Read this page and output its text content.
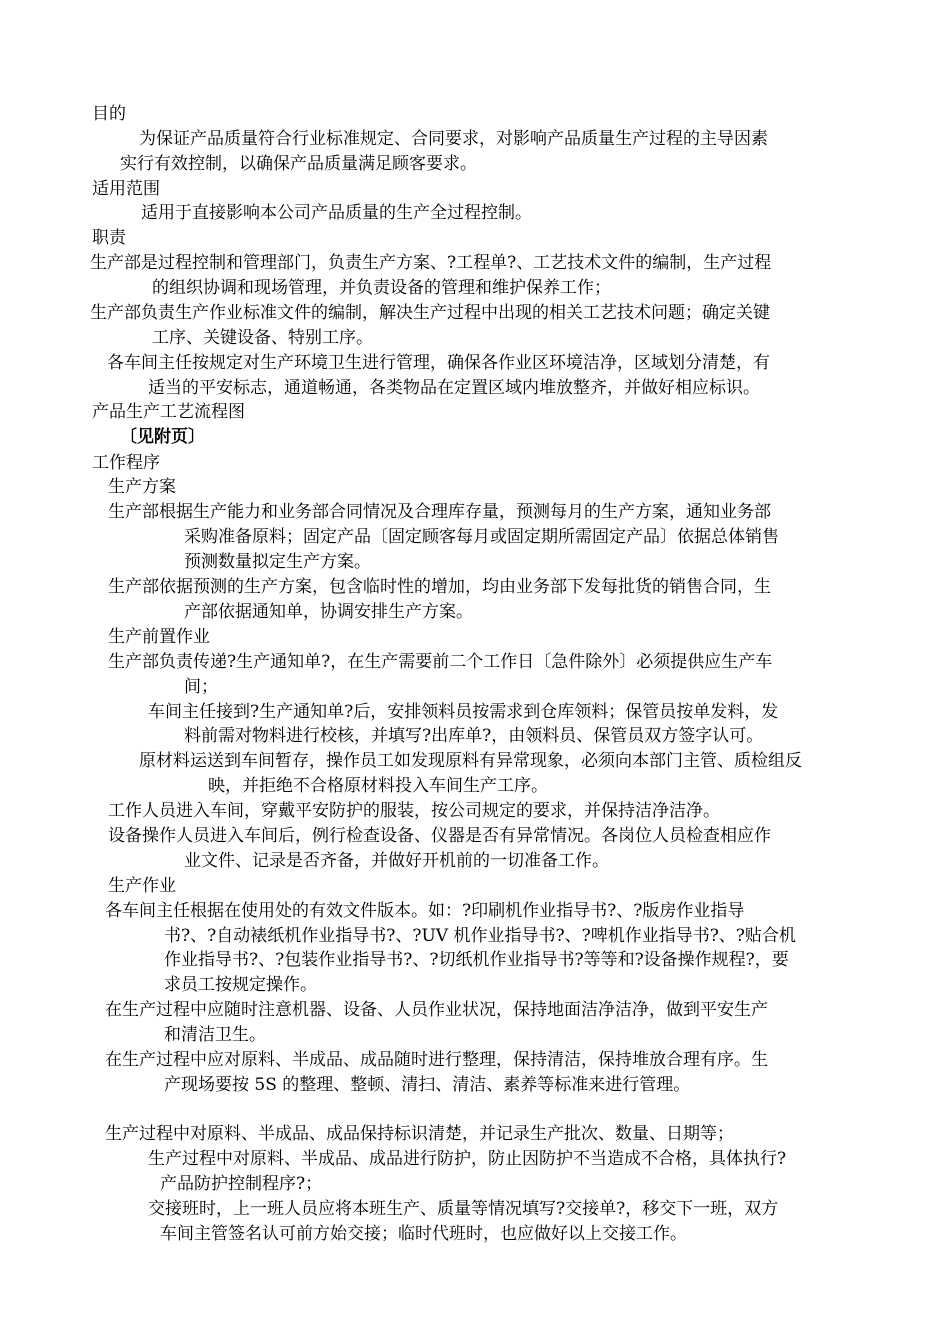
目的
为保证产品质量符合行业标准规定、合同要求，对影响产品质量生产过程的主导因素
实行有效控制，以确保产品质量满足顾客要求。
适用范围
适用于直接影响本公司产品质量的生产全过程控制。
职责
生产部是过程控制和管理部门，负责生产方案、?工程单?、工艺技术文件的编制，生产过程
的组织协调和现场管理，并负责设备的管理和维护保养工作；
生产部负责生产作业标准文件的编制，解决生产过程中出现的相关工艺技术问题；确定关键
工序、关键设备、特别工序。
各车间主任按规定对生产环境卫生进行管理，确保各作业区环境洁净，区域划分清楚，有
适当的平安标志，通道畅通，各类物品在定置区域内堆放整齐，并做好相应标识。
产品生产工艺流程图
〔见附页〕
工作程序
生产方案
生产部根据生产能力和业务部合同情况及合理库存量，预测每月的生产方案，通知业务部
采购准备原料；固定产品〔固定顾客每月或固定期所需固定产品〕依据总体销售
预测数量拟定生产方案。
生产部依据预测的生产方案，包含临时性的增加，均由业务部下发每批货的销售合同，生
产部依据通知单，协调安排生产方案。
生产前置作业
生产部负责传递?生产通知单?，在生产需要前二个工作日〔急件除外〕必须提供应生产车
间；
车间主任接到?生产通知单?后，安排领料员按需求到仓库领料；保管员按单发料，发
料前需对物料进行校核，并填写?出库单?，由领料员、保管员双方签字认可。
原材料运送到车间暂存，操作员工如发现原料有异常现象，必须向本部门主管、质检组反
映，并拒绝不合格原材料投入车间生产工序。
工作人员进入车间，穿戴平安防护的服装，按公司规定的要求，并保持洁净洁净。
设备操作人员进入车间后，例行检查设备、仪器是否有异常情况。各岗位人员检查相应作
业文件、记录是否齐备，并做好开机前的一切准备工作。
生产作业
各车间主任根据在使用处的有效文件版本。如：?印刷机作业指导书?、?版房作业指导
书?、?自动裱纸机作业指导书?、?UV 机作业指导书?、?啤机作业指导书?、?贴合机
作业指导书?、?包装作业指导书?、?切纸机作业指导书?等等和?设备操作规程?，要
求员工按规定操作。
在生产过程中应随时注意机器、设备、人员作业状况，保持地面洁净洁净，做到平安生产
和清洁卫生。
在生产过程中应对原料、半成品、成品随时进行整理，保持清洁，保持堆放合理有序。生
产现场要按 5S 的整理、整顿、清扫、清洁、素养等标准来进行管理。
生产过程中对原料、半成品、成品保持标识清楚，并记录生产批次、数量、日期等；
生产过程中对原料、半成品、成品进行防护，防止因防护不当造成不合格，具体执行?
产品防护控制程序?；
交接班时，上一班人员应将本班生产、质量等情况填写?交接单?，移交下一班，双方
车间主管签名认可前方始交接；临时代班时，也应做好以上交接工作。
